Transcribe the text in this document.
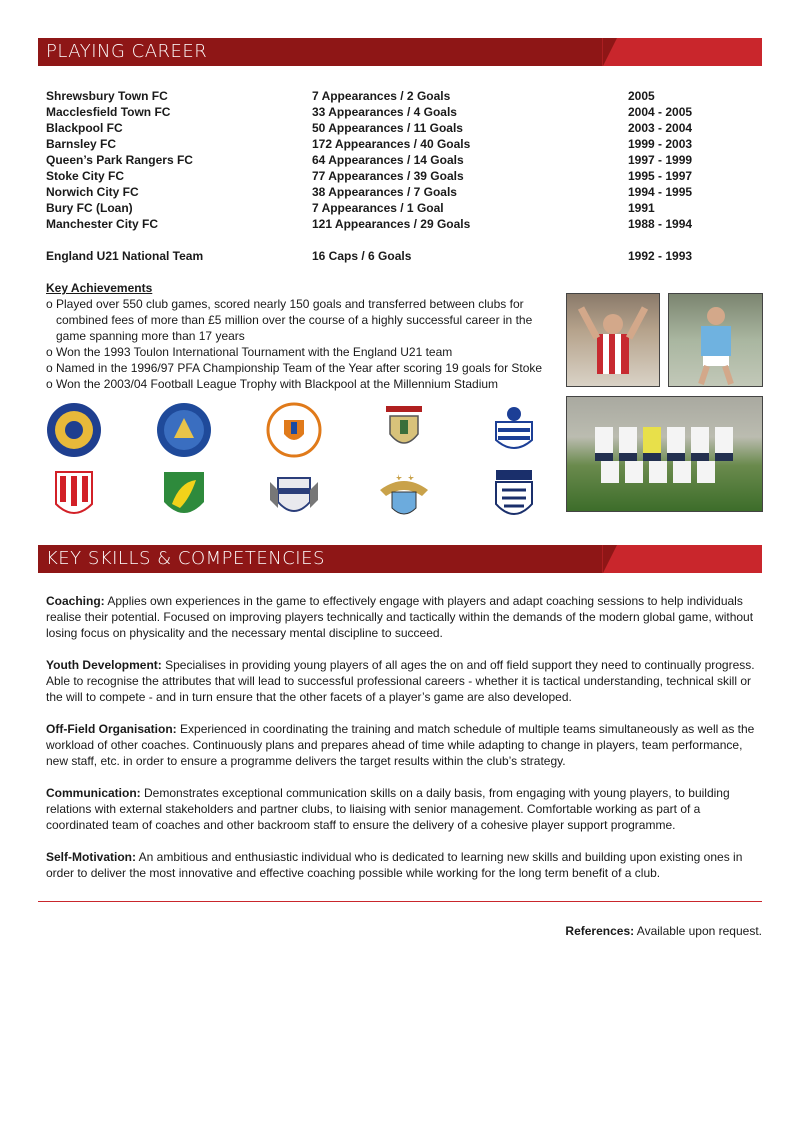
PLAYING CAREER
Shrewsbury Town FC	7 Appearances / 2 Goals	2005
Macclesfield Town FC	33 Appearances / 4 Goals	2004 - 2005
Blackpool FC	50 Appearances / 11 Goals	2003 - 2004
Barnsley FC	172 Appearances / 40 Goals	1999 - 2003
Queen’s Park Rangers FC	64 Appearances / 14 Goals	1997 - 1999
Stoke City FC	77 Appearances / 39 Goals	1995 - 1997
Norwich City FC	38 Appearances / 7 Goals	1994 - 1995
Bury FC (Loan)	7 Appearances / 1 Goal	1991
Manchester City FC	121 Appearances / 29 Goals	1988 - 1994
England U21 National Team	16 Caps / 6 Goals	1992 - 1993
Key Achievements
o Played over 550 club games, scored nearly 150 goals and transferred between clubs for combined fees of more than £5 million over the course of a highly successful career in the game spanning more than 17 years
o Won the 1993 Toulon International Tournament with the England U21 team
o Named in the 1996/97 PFA Championship Team of the Year after scoring 19 goals for Stoke
o Won the 2003/04 Football League Trophy with Blackpool at the Millennium Stadium
KEY SKILLS & COMPETENCIES

Coaching: Applies own experiences in the game to effectively engage with players and adapt coaching sessions to help individuals realise their potential. Focused on improving players technically and tactically within the demands of the modern global game, without losing focus on physicality and the necessary mental discipline to succeed.

Youth Development: Specialises in providing young players of all ages the on and off field support they need to continually progress. Able to recognise the attributes that will lead to successful professional careers - whether it is tactical understanding, technical skill or the will to compete - and in turn ensure that the other facets of a player’s game are also developed.

Off-Field Organisation: Experienced in coordinating the training and match schedule of multiple teams simultaneously as well as the workload of other coaches. Continuously plans and prepares ahead of time while adapting to change in players, team performance, new staff, etc. in order to ensure a programme delivers the target results within the club’s strategy.

Communication: Demonstrates exceptional communication skills on a daily basis, from engaging with young players, to building relations with external stakeholders and partner clubs, to liaising with senior management. Comfortable working as part of a coordinated team of coaches and other backroom staff to ensure the delivery of a cohesive player support programme.

Self-Motivation: An ambitious and enthusiastic individual who is dedicated to learning new skills and building upon existing ones in order to deliver the most innovative and effective coaching possible while working for the long term benefit of a club.

References: Available upon request.
